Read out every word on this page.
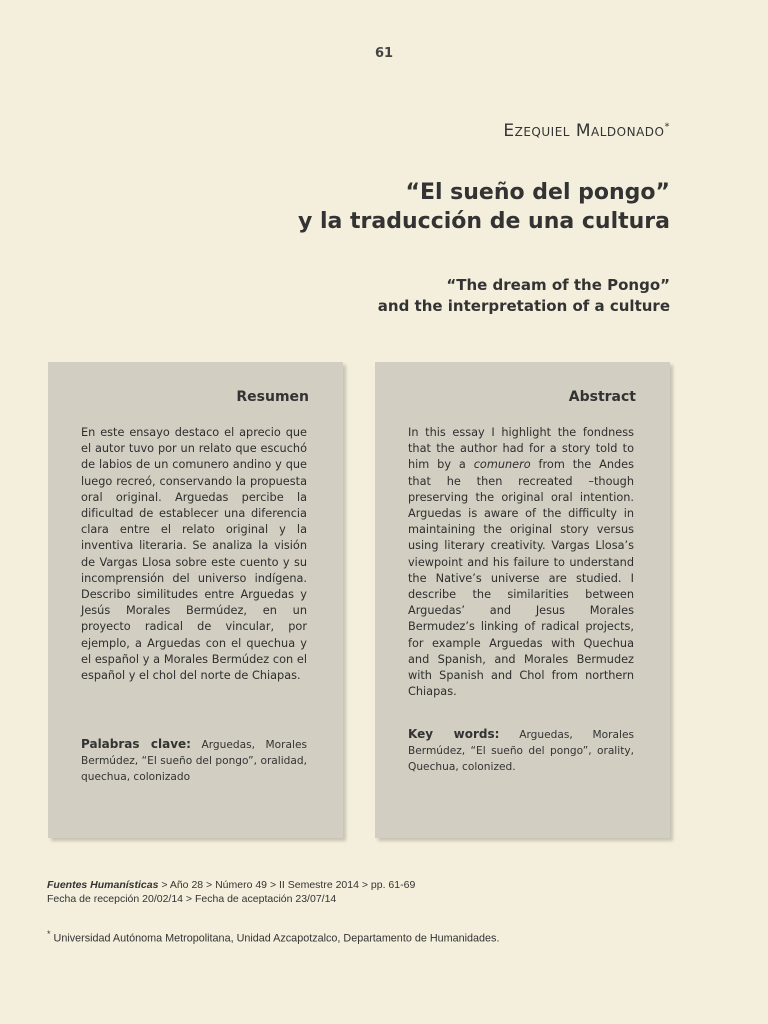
61
Ezequiel Maldonado*
“El sueño del pongo”
y la traducción de una cultura
“The dream of the Pongo”
and the interpretation of a culture
Resumen
En este ensayo destaco el aprecio que el autor tuvo por un relato que escuchó de labios de un comunero andino y que luego recreó, conservando la propuesta oral original. Arguedas percibe la dificultad de establecer una diferencia clara entre el relato original y la inventiva literaria. Se analiza la visión de Vargas Llosa sobre este cuento y su incomprensión del universo indígena. Describo similitudes entre Arguedas y Jesús Morales Bermúdez, en un proyecto radical de vincular, por ejemplo, a Arguedas con el quechua y el español y a Morales Bermúdez con el español y el chol del norte de Chiapas.
Palabras clave: Arguedas, Morales Bermúdez, “El sueño del pongo”, oralidad, quechua, colonizado
Abstract
In this essay I highlight the fondness that the author had for a story told to him by a comunero from the Andes that he then recreated –though preserving the original oral intention. Arguedas is aware of the difficulty in maintaining the original story versus using literary creativity. Vargas Llosa’s viewpoint and his failure to understand the Native’s universe are studied. I describe the similarities between Arguedas’ and Jesus Morales Bermudez’s linking of radical projects, for example Arguedas with Quechua and Spanish, and Morales Bermudez with Spanish and Chol from northern Chiapas.
Key words: Arguedas, Morales Bermúdez, “El sueño del pongo”, orality, Quechua, colonized.
Fuentes Humanísticas > Año 28 > Número 49 > II Semestre 2014 > pp. 61-69
Fecha de recepción 20/02/14 > Fecha de aceptación 23/07/14
* Universidad Autónoma Metropolitana, Unidad Azcapotzalco, Departamento de Humanidades.
